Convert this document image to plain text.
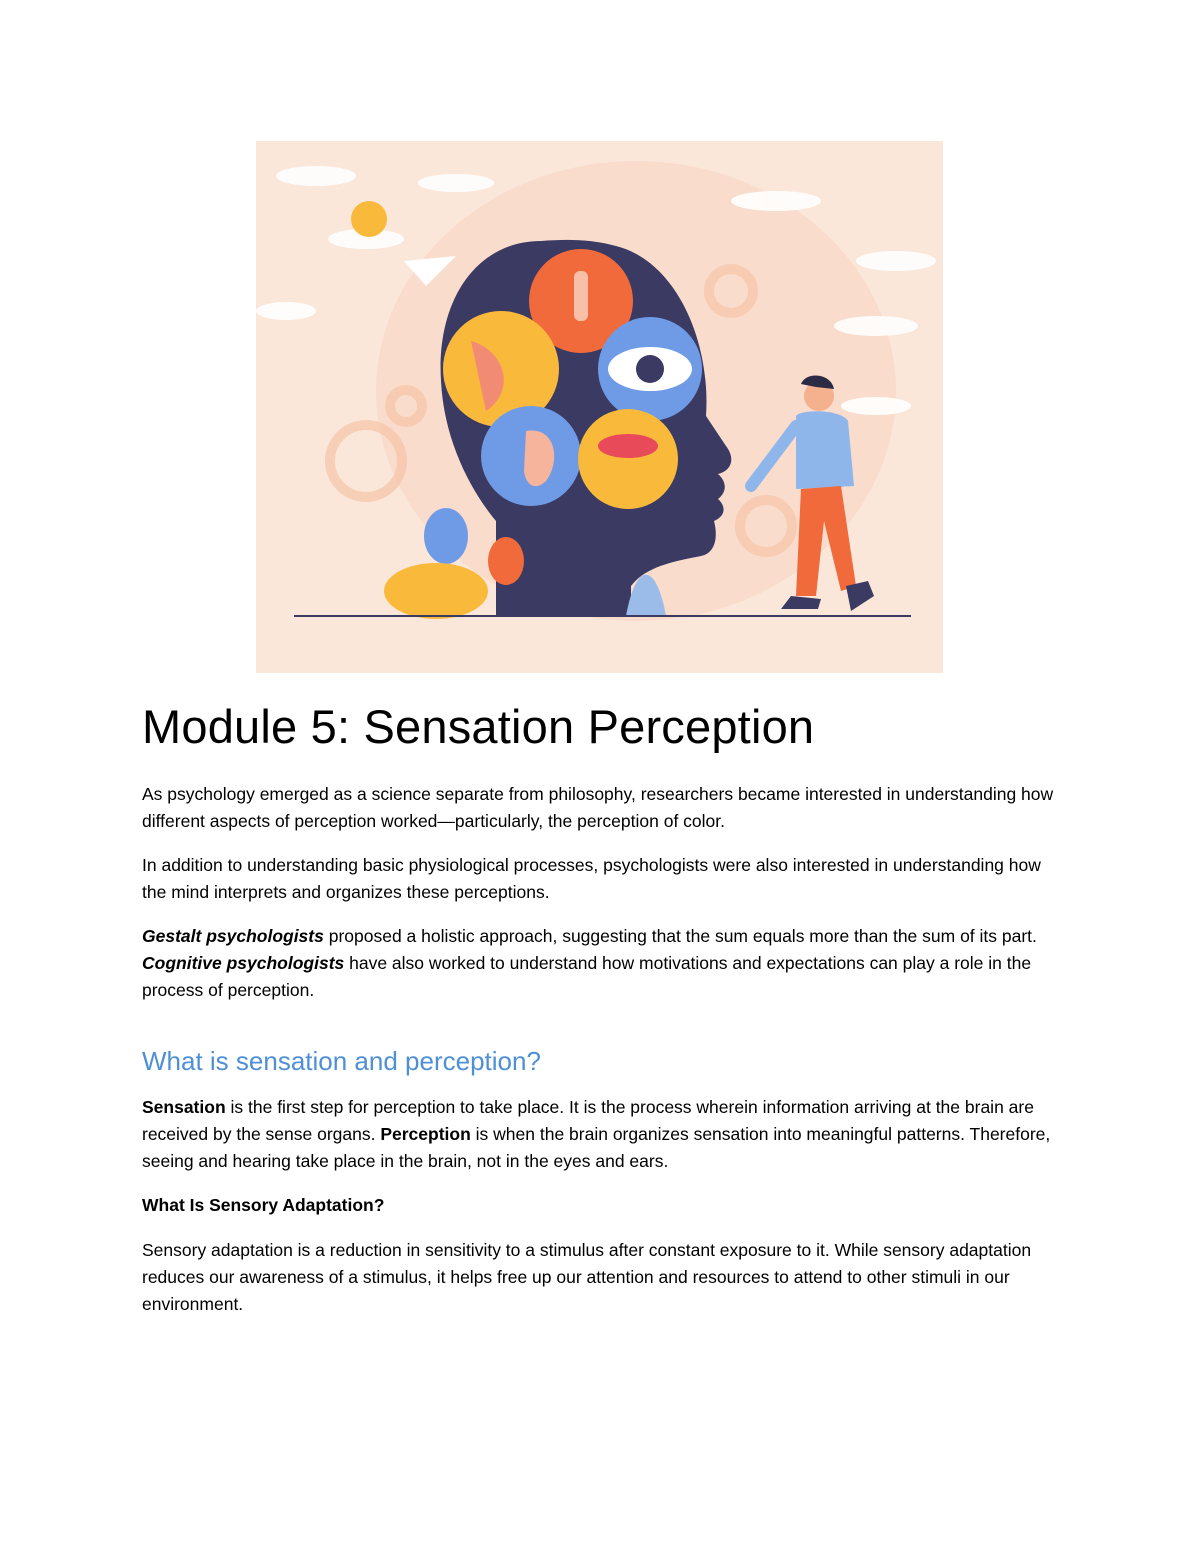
Module 5: Sensation Perception

As psychology emerged as a science separate from philosophy, researchers became interested in understanding how different aspects of perception worked—particularly, the perception of color.

In addition to understanding basic physiological processes, psychologists were also interested in understanding how the mind interprets and organizes these perceptions.

Gestalt psychologists proposed a holistic approach, suggesting that the sum equals more than the sum of its part. Cognitive psychologists have also worked to understand how motivations and expectations can play a role in the process of perception.

What is sensation and perception?

Sensation is the first step for perception to take place. It is the process wherein information arriving at the brain are received by the sense organs. Perception is when the brain organizes sensation into meaningful patterns. Therefore, seeing and hearing take place in the brain, not in the eyes and ears.

What Is Sensory Adaptation?

Sensory adaptation is a reduction in sensitivity to a stimulus after constant exposure to it. While sensory adaptation reduces our awareness of a stimulus, it helps free up our attention and resources to attend to other stimuli in our environment.
